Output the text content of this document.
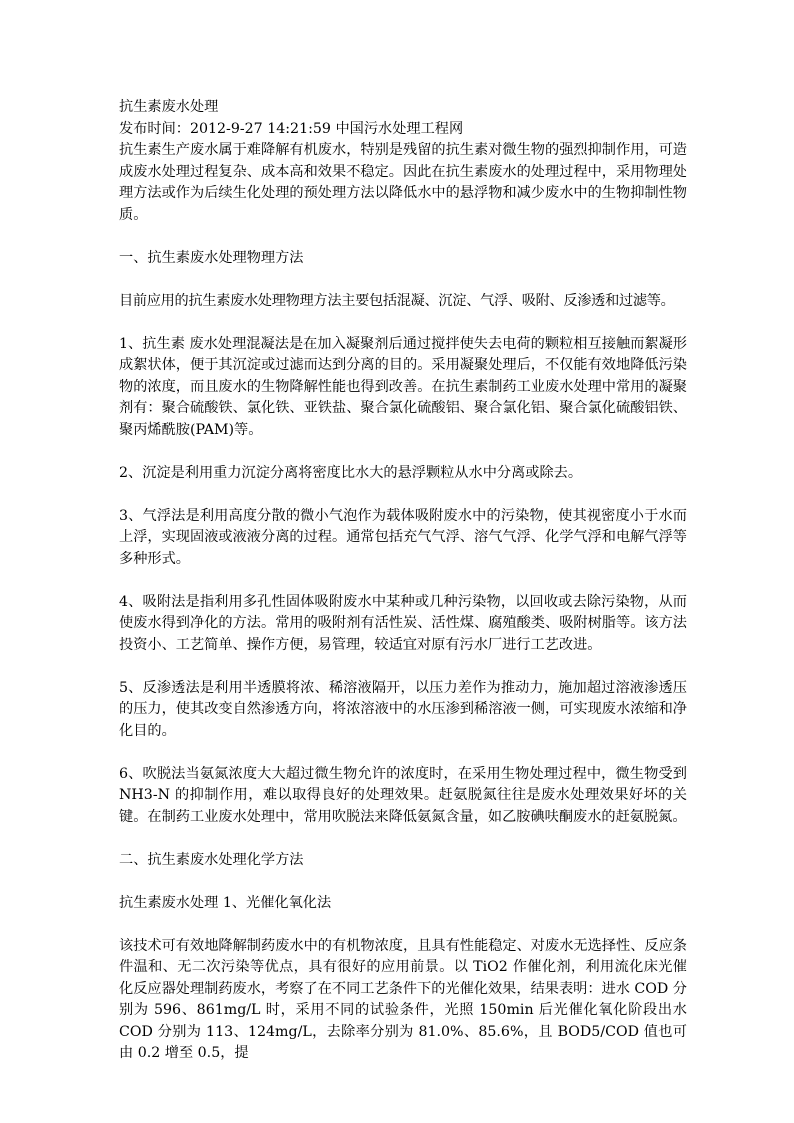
抗生素废水处理

发布时间：2012-9-27 14:21:59 中国污水处理工程网

抗生素生产废水属于难降解有机废水，特别是残留的抗生素对微生物的强烈抑制作用，可造成废水处理过程复杂、成本高和效果不稳定。因此在抗生素废水的处理过程中，采用物理处理方法或作为后续生化处理的预处理方法以降低水中的悬浮物和减少废水中的生物抑制性物质。

一、抗生素废水处理物理方法

目前应用的抗生素废水处理物理方法主要包括混凝、沉淀、气浮、吸附、反渗透和过滤等。

1、抗生素 废水处理混凝法是在加入凝聚剂后通过搅拌使失去电荷的颗粒相互接触而絮凝形成絮状体，便于其沉淀或过滤而达到分离的目的。采用凝聚处理后，不仅能有效地降低污染物的浓度，而且废水的生物降解性能也得到改善。在抗生素制药工业废水处理中常用的凝聚剂有：聚合硫酸铁、氯化铁、亚铁盐、聚合氯化硫酸铝、聚合氯化铝、聚合氯化硫酸铝铁、聚丙烯酰胺(PAM)等。

2、沉淀是利用重力沉淀分离将密度比水大的悬浮颗粒从水中分离或除去。

3、气浮法是利用高度分散的微小气泡作为载体吸附废水中的污染物，使其视密度小于水而上浮，实现固液或液液分离的过程。通常包括充气气浮、溶气气浮、化学气浮和电解气浮等多种形式。

4、吸附法是指利用多孔性固体吸附废水中某种或几种污染物，以回收或去除污染物，从而使废水得到净化的方法。常用的吸附剂有活性炭、活性煤、腐殖酸类、吸附树脂等。该方法投资小、工艺简单、操作方便，易管理，较适宜对原有污水厂进行工艺改进。

5、反渗透法是利用半透膜将浓、稀溶液隔开，以压力差作为推动力，施加超过溶液渗透压的压力，使其改变自然渗透方向，将浓溶液中的水压渗到稀溶液一侧，可实现废水浓缩和净化目的。

6、吹脱法当氨氮浓度大大超过微生物允许的浓度时，在采用生物处理过程中，微生物受到NH3-N 的抑制作用，难以取得良好的处理效果。赶氨脱氮往往是废水处理效果好坏的关键。在制药工业废水处理中，常用吹脱法来降低氨氮含量，如乙胺碘呋酮废水的赶氨脱氮。

二、抗生素废水处理化学方法

抗生素废水处理 1、光催化氧化法

该技术可有效地降解制药废水中的有机物浓度，且具有性能稳定、对废水无选择性、反应条件温和、无二次污染等优点，具有很好的应用前景。以 TiO2 作催化剂，利用流化床光催化反应器处理制药废水，考察了在不同工艺条件下的光催化效果，结果表明：进水 COD 分别为 596、861mg/L 时，采用不同的试验条件，光照 150min 后光催化氧化阶段出水 COD 分别为 113、124mg/L，去除率分别为 81.0%、85.6%，且 BOD5/COD 值也可由 0.2 增至 0.5，提
